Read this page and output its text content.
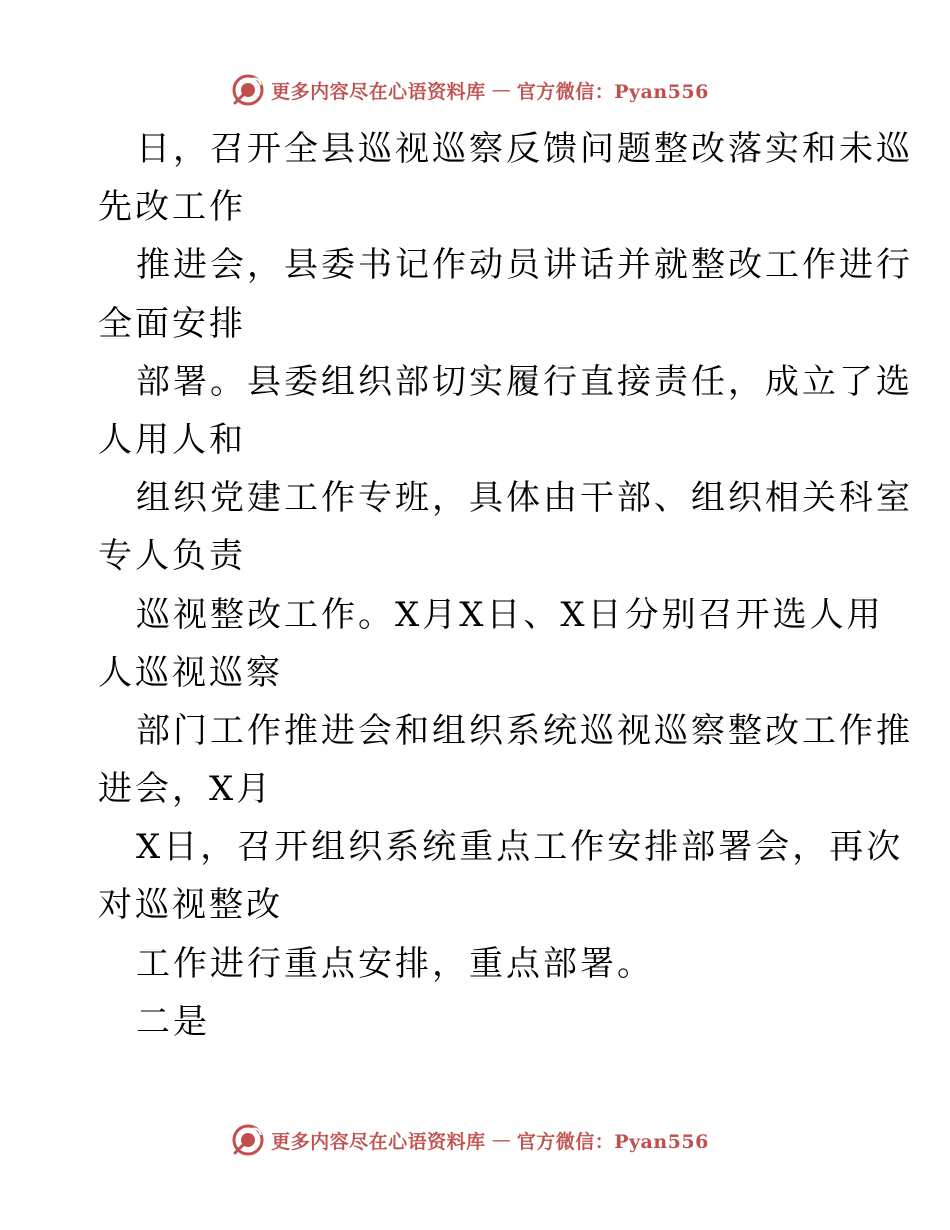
更多内容尽在心语资料库 — 官方微信：Pyan556
日，召开全县巡视巡察反馈问题整改落实和未巡
先改工作
推进会，县委书记作动员讲话并就整改工作进行
全面安排
部署。县委组织部切实履行直接责任，成立了选
人用人和
组织党建工作专班，具体由干部、组织相关科室
专人负责
巡视整改工作。X月X日、X日分别召开选人用
人巡视巡察
部门工作推进会和组织系统巡视巡察整改工作推
进会，X月
X日，召开组织系统重点工作安排部署会，再次
对巡视整改
工作进行重点安排，重点部署。
二是
更多内容尽在心语资料库 — 官方微信：Pyan556
